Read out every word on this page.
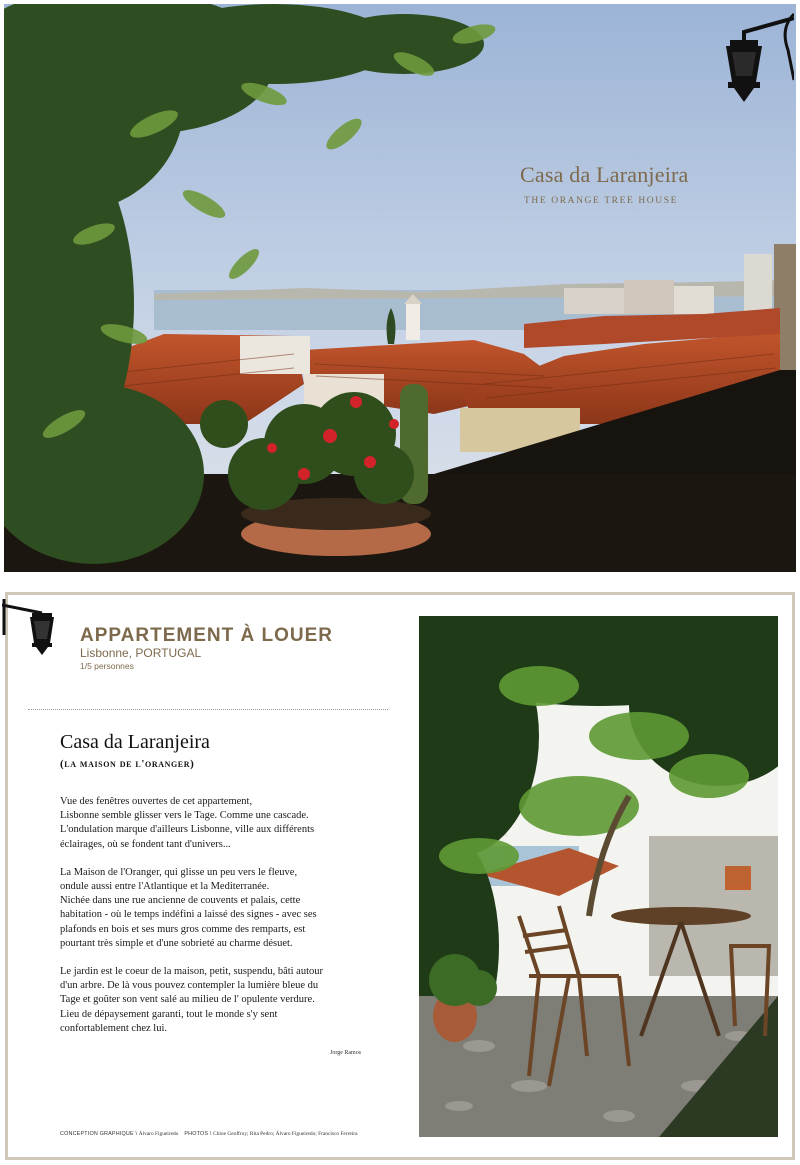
Casa da Laranjeira
THE ORANGE TREE HOUSE
APPARTEMENT À LOUER
Lisbonne, PORTUGAL
1/5 personnes
Casa da Laranjeira
(la maison de l'oranger)

Vue des fenêtres ouvertes de cet appartement,
Lisbonne semble glisser vers le Tage. Comme une cascade.
L'ondulation marque d'ailleurs Lisbonne, ville aux différents
éclairages, où se fondent tant d'univers...

La Maison de l'Oranger, qui glisse un peu vers le fleuve,
ondule aussi entre l'Atlantique et la Mediterranée.
Nichée dans une rue ancienne de couvents et palais, cette
habitation - où le temps indéfini a laissé des signes - avec ses
plafonds en bois et ses murs gros comme des remparts, est
pourtant très simple et d'une sobrieté au charme désuet.

Le jardin est le coeur de la maison, petit, suspendu, bâti autour
d'un arbre. De là vous pouvez contempler la lumière bleue du
Tage et goûter son vent salé au milieu de l' opulente verdure.
Lieu de dépaysement garanti, tout le monde s'y sent
confortablement chez lui.

Jorge Ramos
CONCEPTION GRAPHIQUE \ Álvaro Figueiredo PHOTOS \ Chloe Geoffroy; Rita Pedro; Álvaro Figueiredo; Francisco Ferreira
